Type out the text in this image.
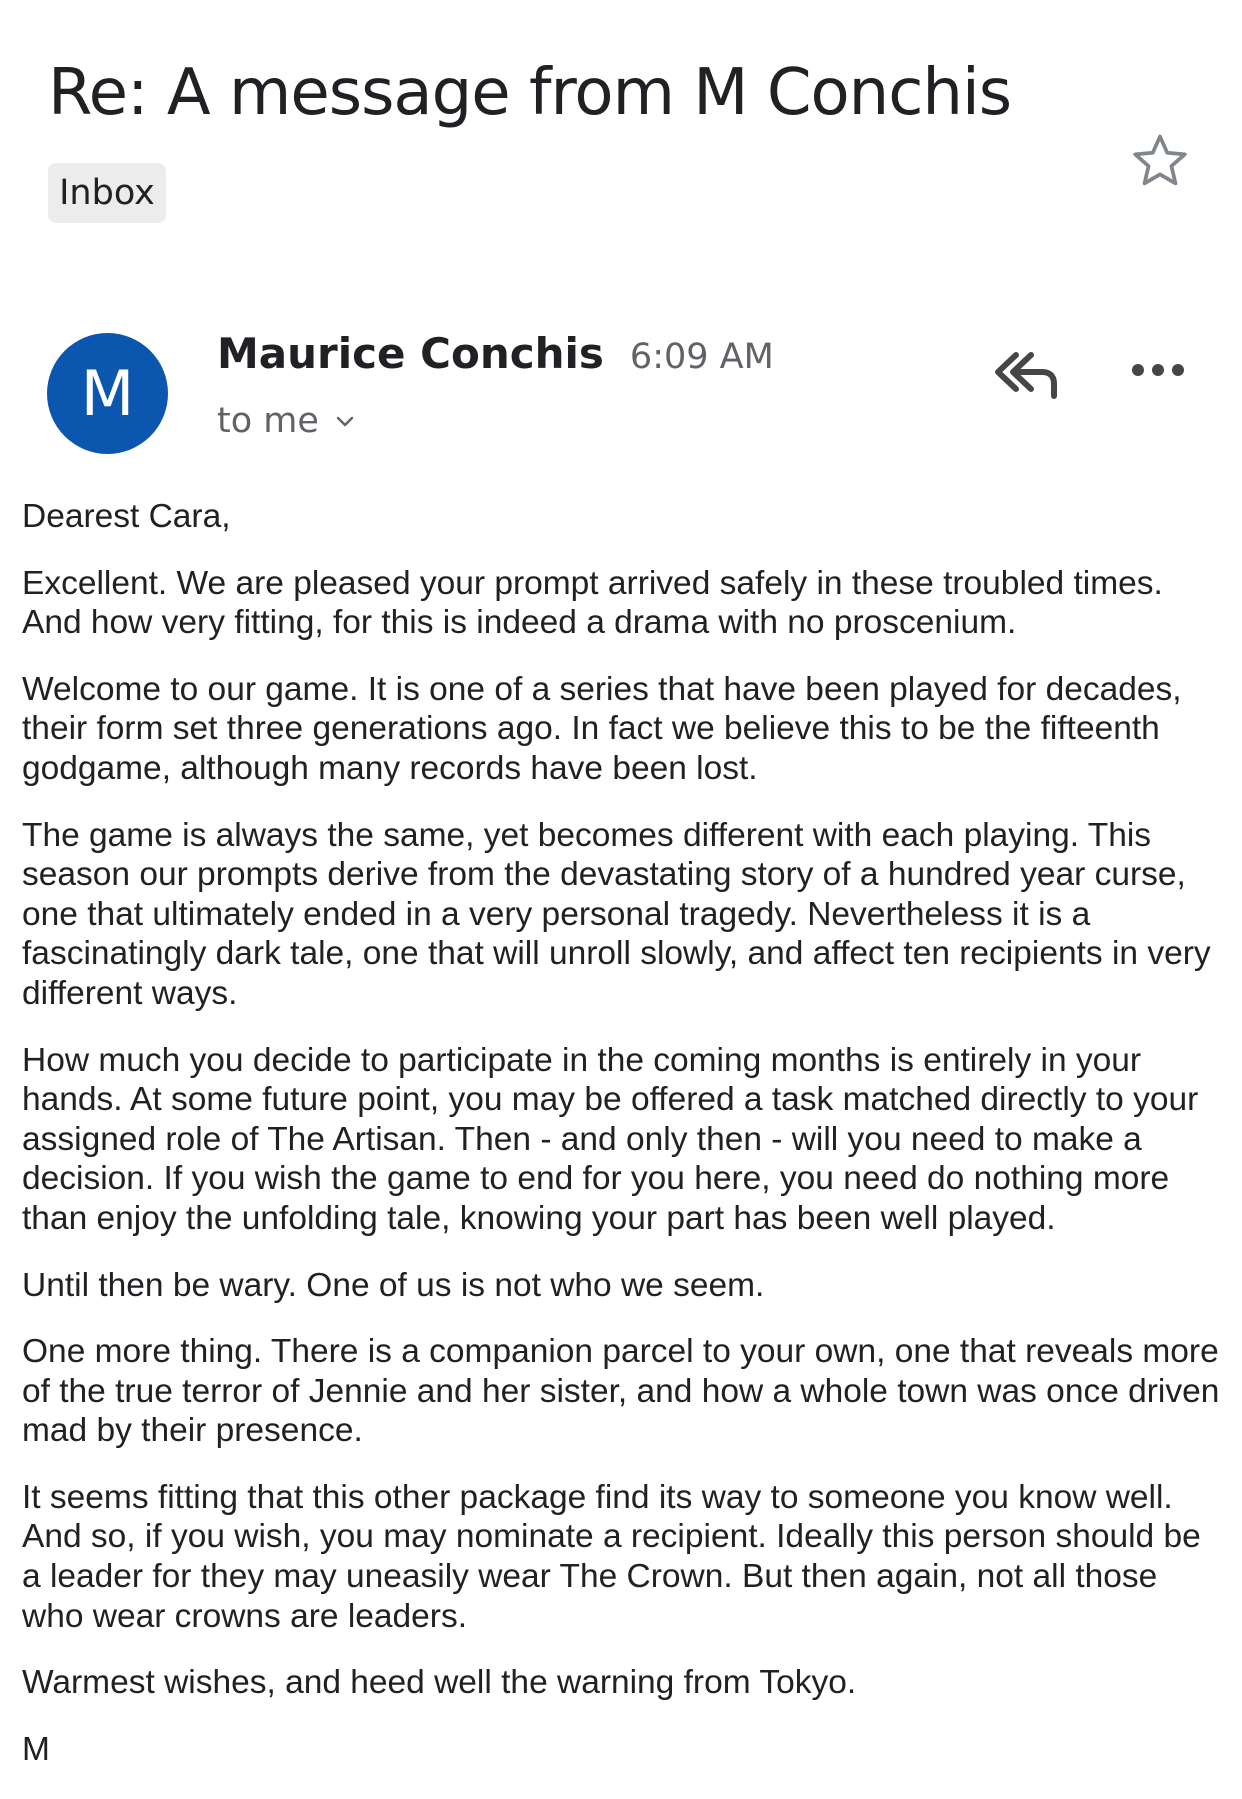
Re: A message from M Conchis
Inbox
M
Maurice Conchis 6:09 AM
to me

Dearest Cara,

Excellent. We are pleased your prompt arrived safely in these troubled times. And how very fitting, for this is indeed a drama with no proscenium.

Welcome to our game. It is one of a series that have been played for decades, their form set three generations ago. In fact we believe this to be the fifteenth godgame, although many records have been lost.

The game is always the same, yet becomes different with each playing. This season our prompts derive from the devastating story of a hundred year curse, one that ultimately ended in a very personal tragedy. Nevertheless it is a fascinatingly dark tale, one that will unroll slowly, and affect ten recipients in very different ways.

How much you decide to participate in the coming months is entirely in your hands. At some future point, you may be offered a task matched directly to your assigned role of The Artisan. Then - and only then - will you need to make a decision. If you wish the game to end for you here, you need do nothing more than enjoy the unfolding tale, knowing your part has been well played.

Until then be wary. One of us is not who we seem.

One more thing. There is a companion parcel to your own, one that reveals more of the true terror of Jennie and her sister, and how a whole town was once driven mad by their presence.

It seems fitting that this other package find its way to someone you know well. And so, if you wish, you may nominate a recipient. Ideally this person should be a leader for they may uneasily wear The Crown. But then again, not all those who wear crowns are leaders.

Warmest wishes, and heed well the warning from Tokyo.

M
